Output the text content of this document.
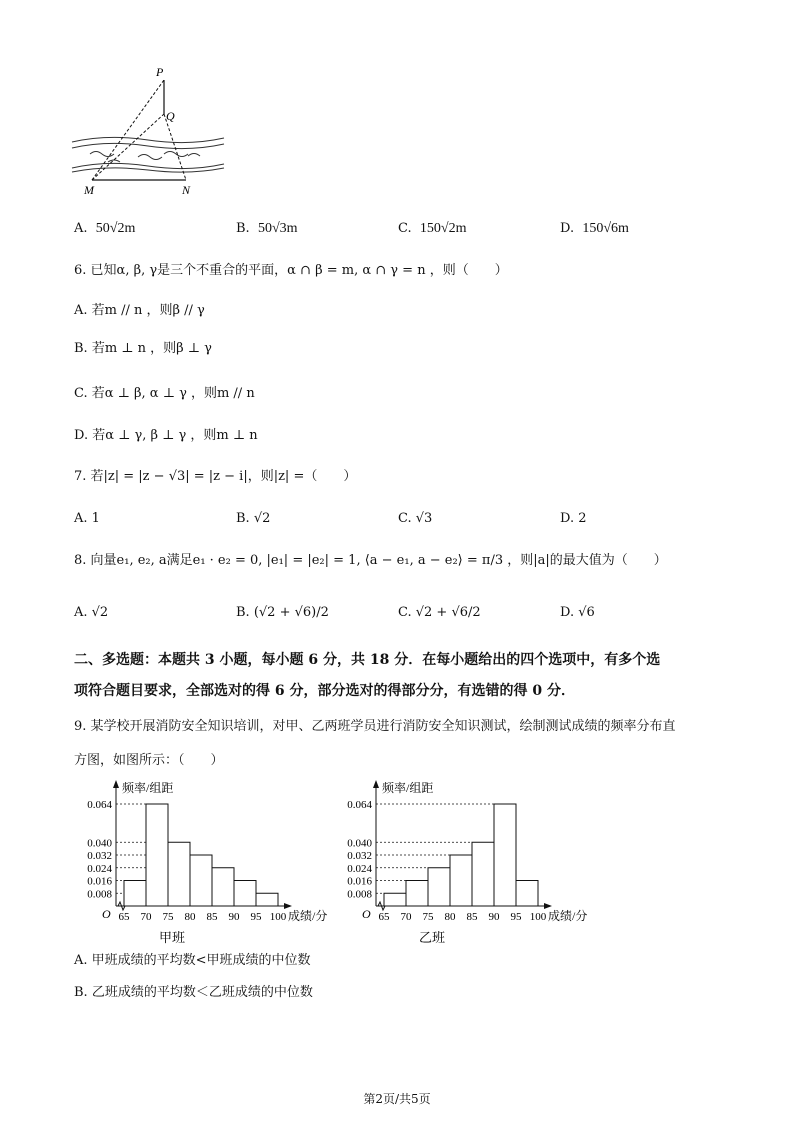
P
Q
M	N
A. 50√2m	B. 50√3m	C. 150√2m	D. 150√6m
6. 已知α, β, γ是三个不重合的平面，α ∩ β = m, α ∩ γ = n ，则（　　）
A. 若m // n ，则β // γ
B. 若m ⊥ n ，则β ⊥ γ
C. 若α ⊥ β, α ⊥ γ ，则m // n
D. 若α ⊥ γ, β ⊥ γ ，则m ⊥ n
7. 若|z| = |z − √3| = |z − i|，则|z| =（　　）
A. 1	B. √2	C. √3	D. 2
8. 向量e₁, e₂, a满足e₁ · e₂ = 0, |e₁| = |e₂| = 1, ⟨a − e₁, a − e₂⟩ = π/3 ，则|a|的最大值为（　　）
A. √2	B. (√2 + √6)/2	C. √2 + √6/2	D. √6
二、多选题：本题共 3 小题，每小题 6 分，共 18 分．在每小题给出的四个选项中，有多个选
项符合题目要求，全部选对的得 6 分，部分选对的得部分分，有选错的得 0 分．
9. 某学校开展消防安全知识培训，对甲、乙两班学员进行消防安全知识测试，绘制测试成绩的频率分布直
方图，如图所示：（　　）
频率/组距
O
0.064
0.040
0.032
0.024
0.016
0.008
65 70 75 80 85 90 95 100 成绩/分
甲班
频率/组距
O
0.064
0.040
0.032
0.024
0.016
0.008
65 70 75 80 85 90 95 100 成绩/分
乙班
A. 甲班成绩的平均数<甲班成绩的中位数
B. 乙班成绩的平均数＜乙班成绩的中位数
第2页/共5页
